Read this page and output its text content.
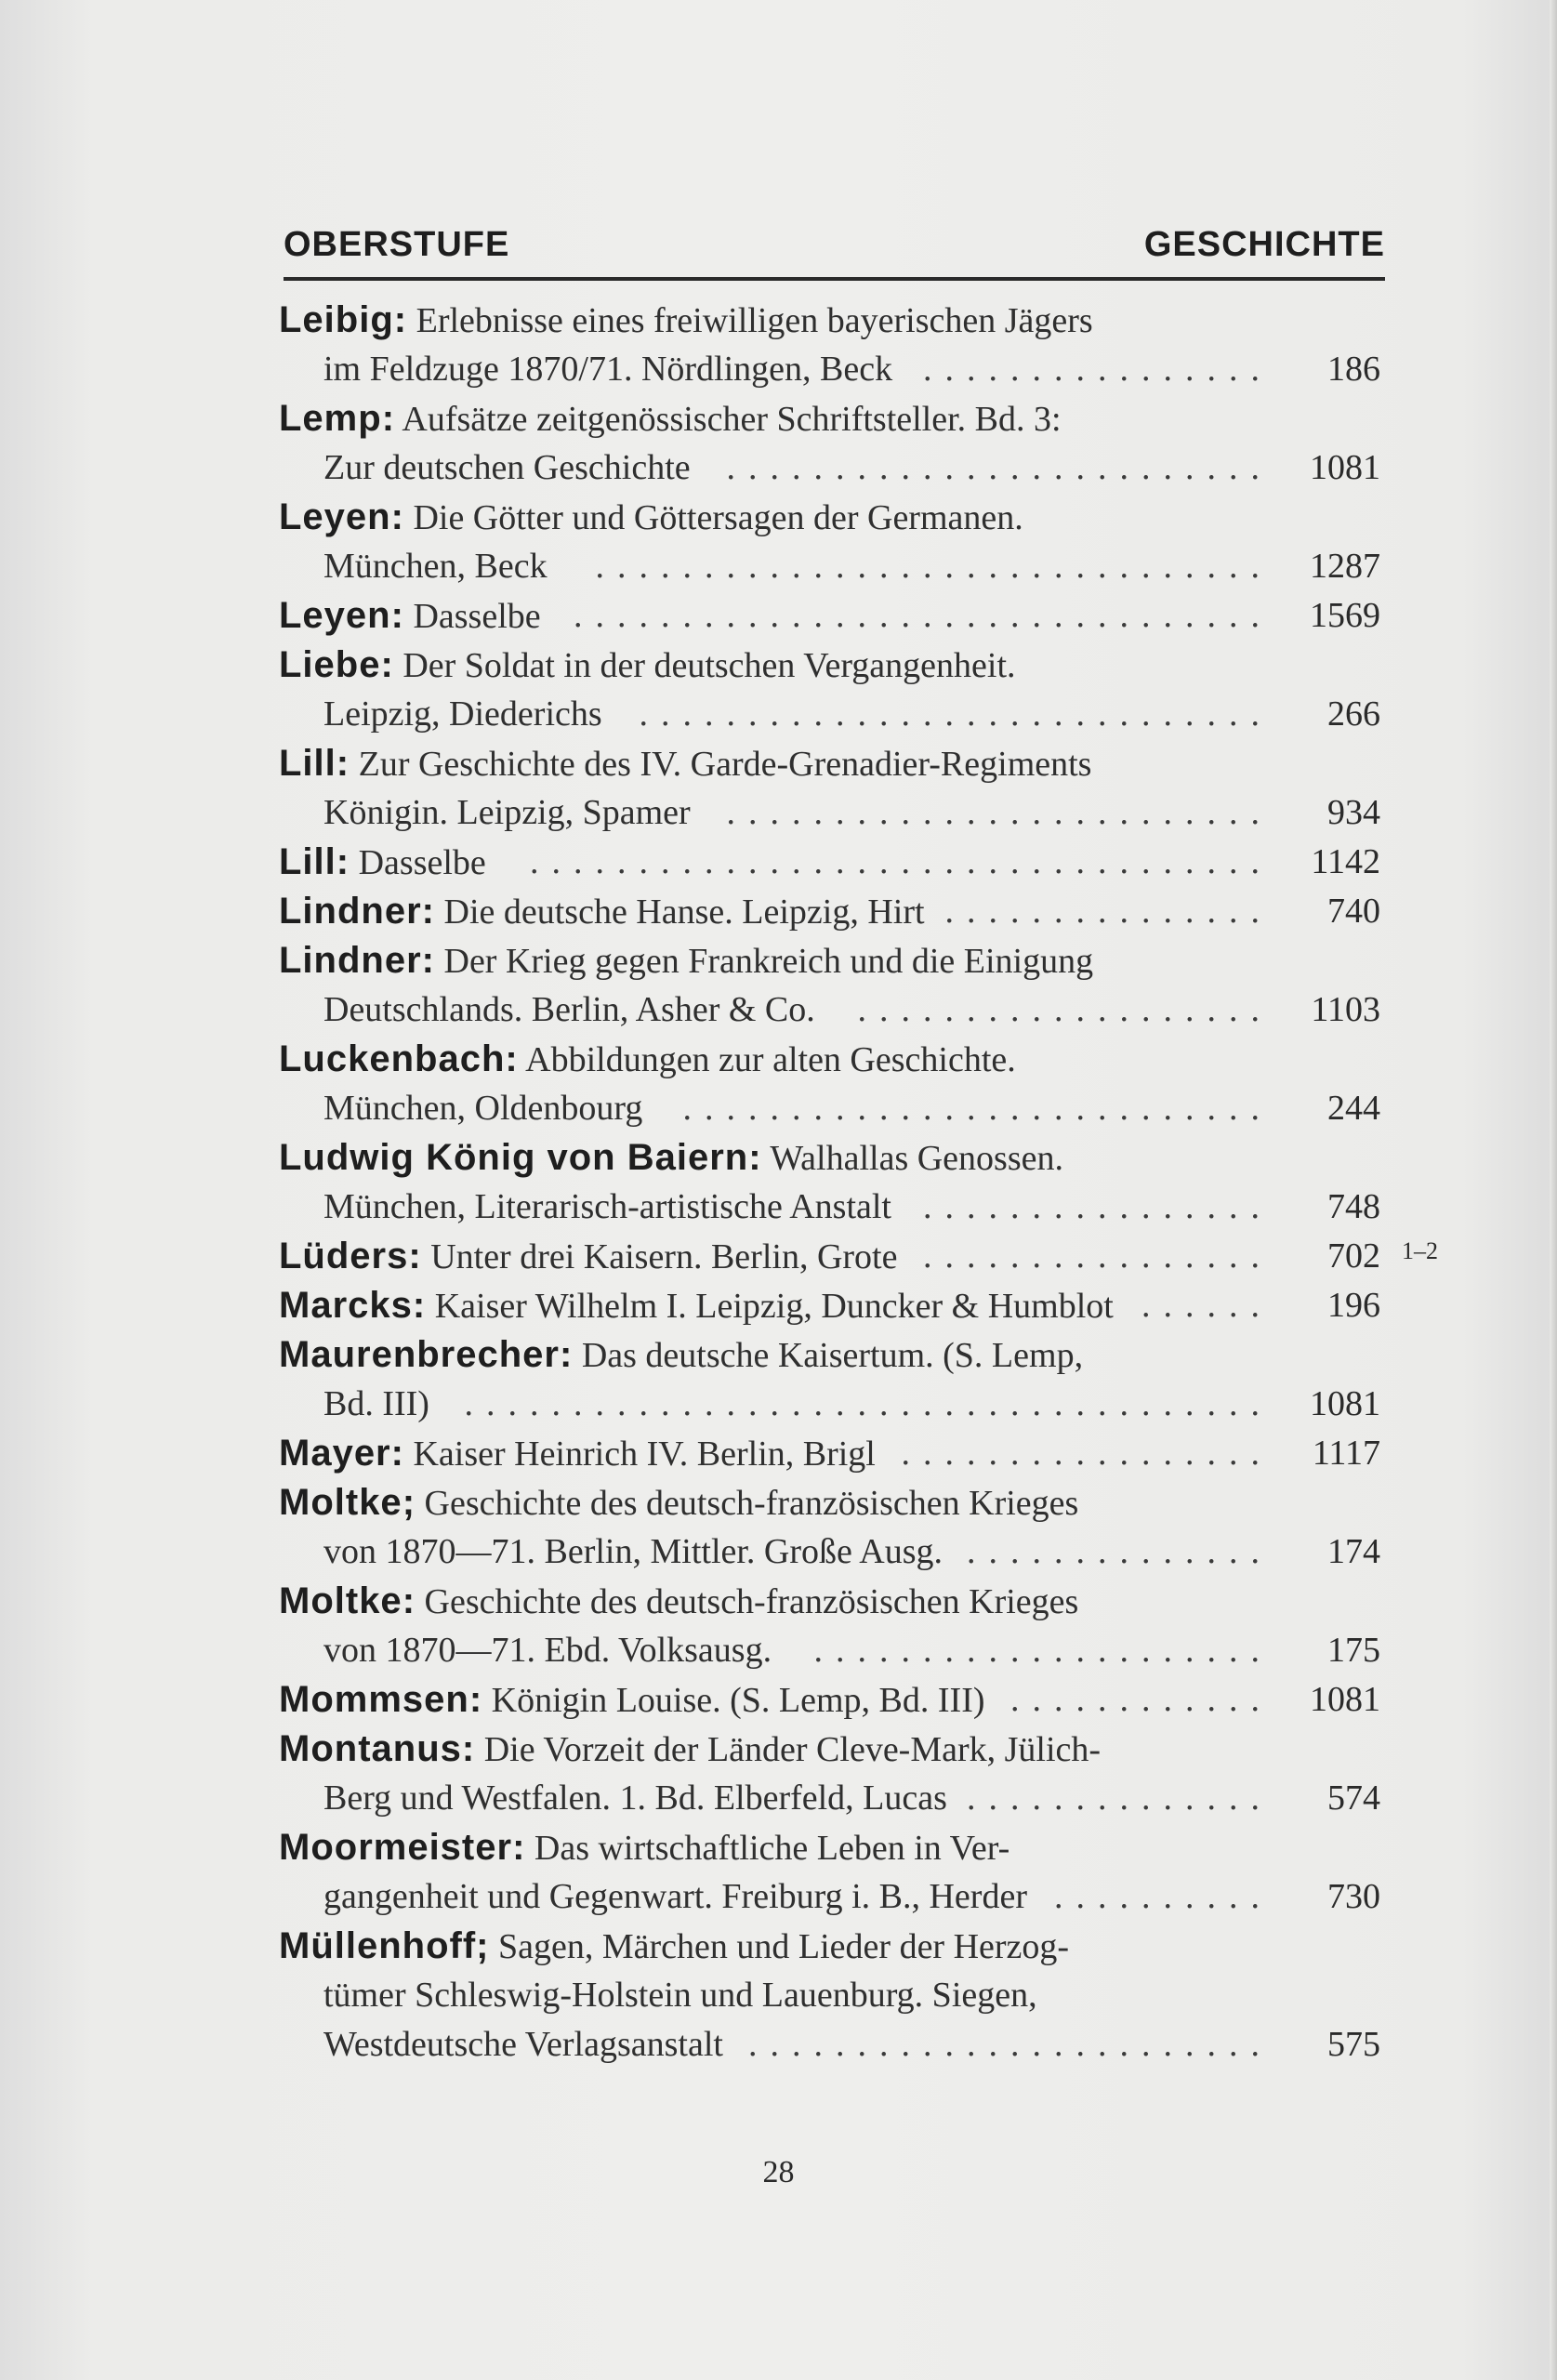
OBERSTUFE	GESCHICHTE
Leibig: Erlebnisse eines freiwilligen bayerischen Jägers
im Feldzuge 1870/71. Nördlingen, Beck ................	186
Lemp: Aufsätze zeitgenössischer Schriftsteller. Bd. 3:
Zur deutschen Geschichte .........................	1081
Leyen: Die Götter und Göttersagen der Germanen.
München, Beck ...............................	1287
Leyen: Dasselbe ................................	1569
Liebe: Der Soldat in der deutschen Vergangenheit.
Leipzig, Diederichs .............................	266
Lill: Zur Geschichte des IV. Garde-Grenadier-Regiments
Königin. Leipzig, Spamer .........................	934
Lill: Dasselbe ..................................	1142
Lindner: Die deutsche Hanse. Leipzig, Hirt ...............	740
Lindner: Der Krieg gegen Frankreich und die Einigung
Deutschlands. Berlin, Asher & Co. ...................	1103
Luckenbach: Abbildungen zur alten Geschichte.
München, Oldenbourg ...........................	244
Ludwig König von Baiern: Walhallas Genossen.
München, Literarisch-artistische Anstalt ................	748
Lüders: Unter drei Kaisern. Berlin, Grote ................	702 1–2
Marcks: Kaiser Wilhelm I. Leipzig, Duncker & Humblot ......	196
Maurenbrecher: Das deutsche Kaisertum. (S. Lemp,
Bd. III) .....................................	1081
Mayer: Kaiser Heinrich IV. Berlin, Brigl .................	1117
Moltke; Geschichte des deutsch-französischen Krieges
von 1870—71. Berlin, Mittler. Große Ausg. ..............	174
Moltke: Geschichte des deutsch-französischen Krieges
von 1870—71. Ebd. Volksausg. .....................	175
Mommsen: Königin Louise. (S. Lemp, Bd. III) ............	1081
Montanus: Die Vorzeit der Länder Cleve-Mark, Jülich-
Berg und Westfalen. 1. Bd. Elberfeld, Lucas ..............	574
Moormeister: Das wirtschaftliche Leben in Ver-
gangenheit und Gegenwart. Freiburg i. B., Herder ..........	730
Müllenhoff; Sagen, Märchen und Lieder der Herzog-
tümer Schleswig-Holstein und Lauenburg. Siegen,
Westdeutsche Verlagsanstalt ........................	575
28
